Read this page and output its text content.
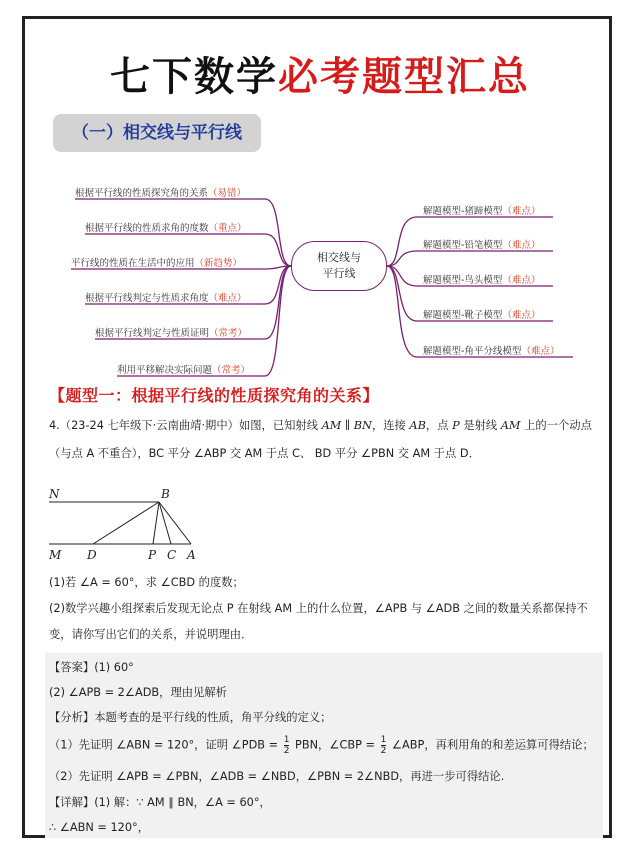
七下数学必考题型汇总
（一）相交线与平行线
根据平行线的性质探究角的关系（易错）
根据平行线的性质求角的度数（重点）
平行线的性质在生活中的应用（新趋势）
根据平行线判定与性质求角度（难点）
根据平行线判定与性质证明（常考）
利用平移解决实际问题（常考）
相交线与
平行线
解题模型-猪蹄模型（难点）
解题模型-铅笔模型（难点）
解题模型-鸟头模型（难点）
解题模型-靴子模型（难点）
解题模型-角平分线模型（难点）
【题型一：根据平行线的性质探究角的关系】
4.（23-24 七年级下·云南曲靖·期中）如图，已知射线 AM ∥ BN，连接 AB，点 P 是射线 AM 上的一个动点
（与点 A 不重合），BC 平分 ∠ABP 交 AM 于点 C、 BD 平分 ∠PBN 交 AM 于点 D．
N	B
M D	P C A
(1)若 ∠A = 60°，求 ∠CBD 的度数；
(2)数学兴趣小组探索后发现无论点 P 在射线 AM 上的什么位置，∠APB 与 ∠ADB 之间的数量关系都保持不
变，请你写出它们的关系，并说明理由．
【答案】(1) 60°
(2) ∠APB = 2∠ADB，理由见解析
【分析】本题考查的是平行线的性质，角平分线的定义；
（1）先证明 ∠ABN = 120°，证明 ∠PDB = $\frac{1}{2}$ PBN，∠CBP = $\frac{1}{2}$ ∠ABP，再利用角的和差运算可得结论；
（2）先证明 ∠APB = ∠PBN，∠ADB = ∠NBD，∠PBN = 2∠NBD，再进一步可得结论.
【详解】(1) 解：∵ AM ∥ BN，∠A = 60°，
∴ ∠ABN = 120°，
